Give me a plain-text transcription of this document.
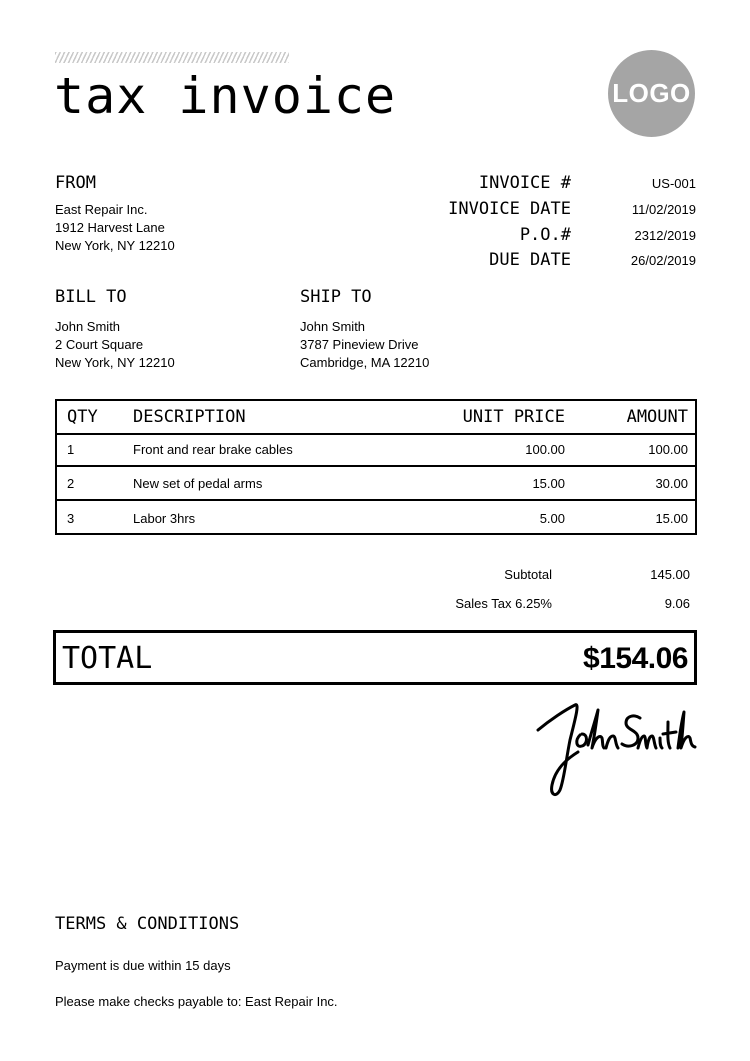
tax invoice	LOGO
FROM
East Repair Inc.
1912 Harvest Lane
New York, NY 12210
INVOICE #	US-001
INVOICE DATE	11/02/2019
P.O.#	2312/2019
DUE DATE	26/02/2019
BILL TO
John Smith
2 Court Square
New York, NY 12210
SHIP TO
John Smith
3787 Pineview Drive
Cambridge, MA 12210
QTY DESCRIPTION	UNIT PRICE	AMOUNT
1	Front and rear brake cables	100.00	100.00
2	New set of pedal arms	15.00	30.00
3	Labor 3hrs	5.00	15.00
Subtotal	145.00
Sales Tax 6.25%	9.06
TOTAL	$154.06
TERMS & CONDITIONS
Payment is due within 15 days
Please make checks payable to: East Repair Inc.
